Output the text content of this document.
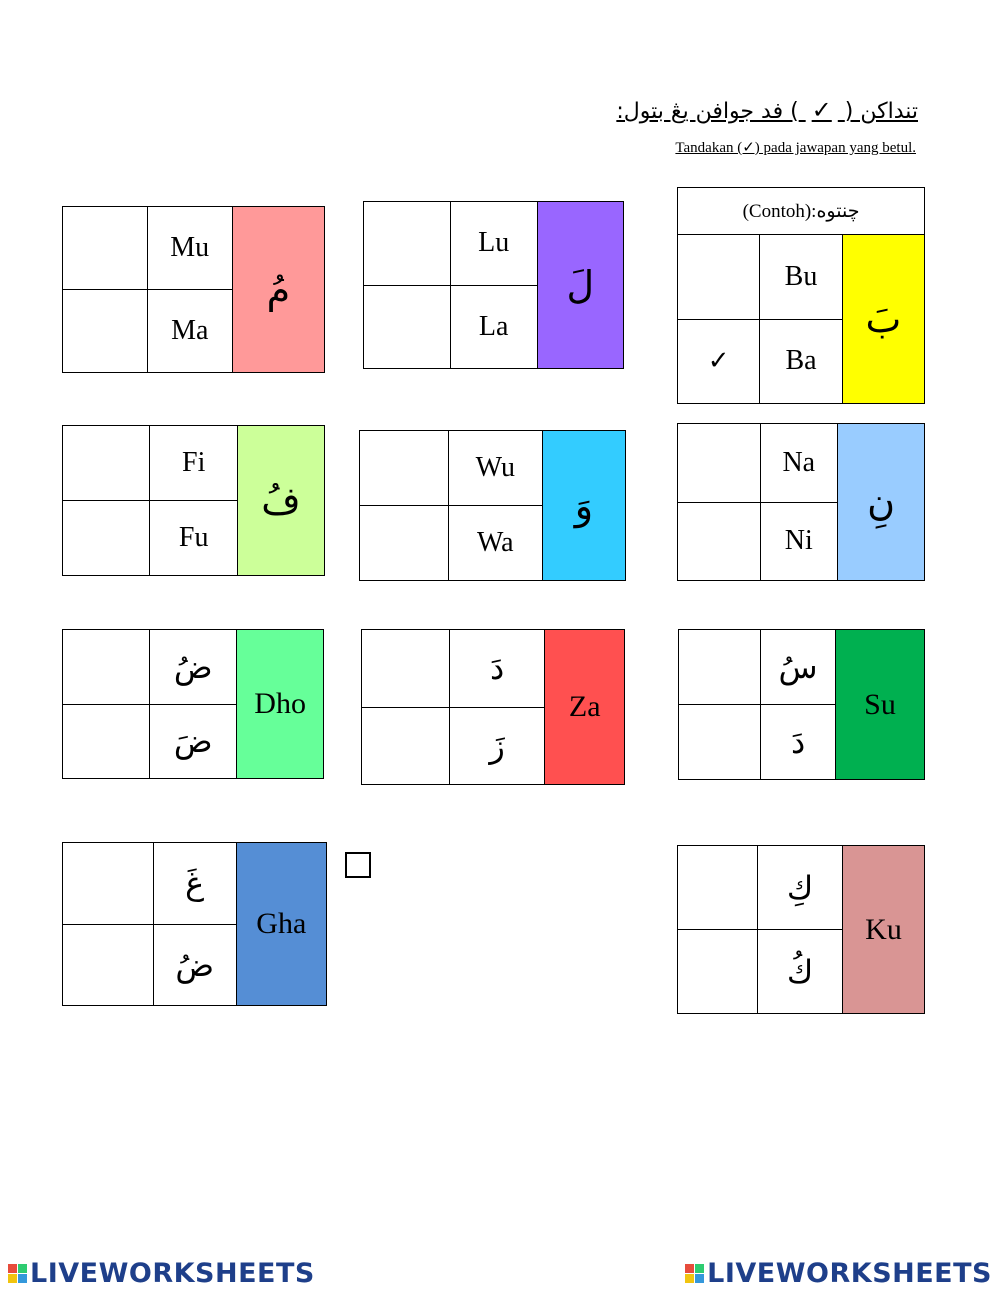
تنداكن ( ✓ ) فد جوافن يڠ بتول:
Tandakan (✓) pada jawapan yang betul.
(Contoh):چنتوه		
	Bu	بَ
✓	Ba	
	Lu	لَ
	La	
	Mu	مُ
	Ma	
	Na	نِ
	Ni	
	Wu	وَ
	Wa	
	Fi	فُ
	Fu	
	سُ	Su
	دَ	
	دَ	Za
	زَ	
	ضُ	Dho
	ضَ	
	كِ	Ku
	كُ	
	غَ	Gha
	ضُ	
LIVEWORKSHEETS	LIVEWORKSHEETS
